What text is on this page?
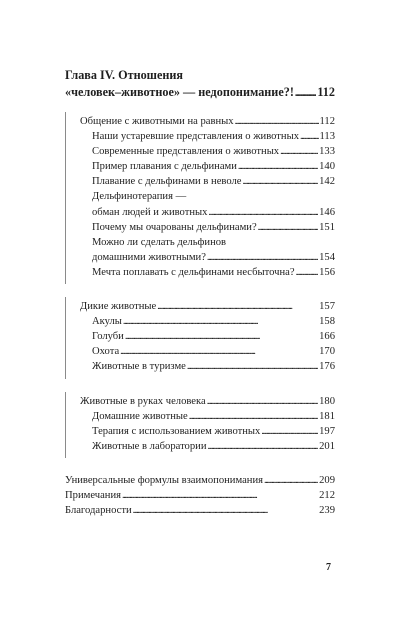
Глава IV. Отношения
«человек–животное» — недопонимание?! . . . 112
Общение с животными на равных . . .	112
Наши устаревшие представления о животных . . . 113
Современные представления о животных . . .	133
Пример плавания с дельфинами . . .	140
Плавание с дельфинами в неволе . . .	142
Дельфинотерапия —
обман людей и животных . . .	146
Почему мы очарованы дельфинами? . . .	151
Можно ли сделать дельфинов
домашними животными? . . .	154
Мечта поплавать с дельфинами несбыточна? . . . 156
Дикие животные . . .	157
Акулы . . .	158
Голуби . . .	166
Охота . . .	170
Животные в туризме . . .	176
Животные в руках человека . . .	180
Домашние животные . . .	181
Терапия с использованием животных . . .	197
Животные в лаборатории . . .	201
Универсальные формулы взаимопонимания . . .	209
Примечания . . .	212
Благодарности . . .	239
7
